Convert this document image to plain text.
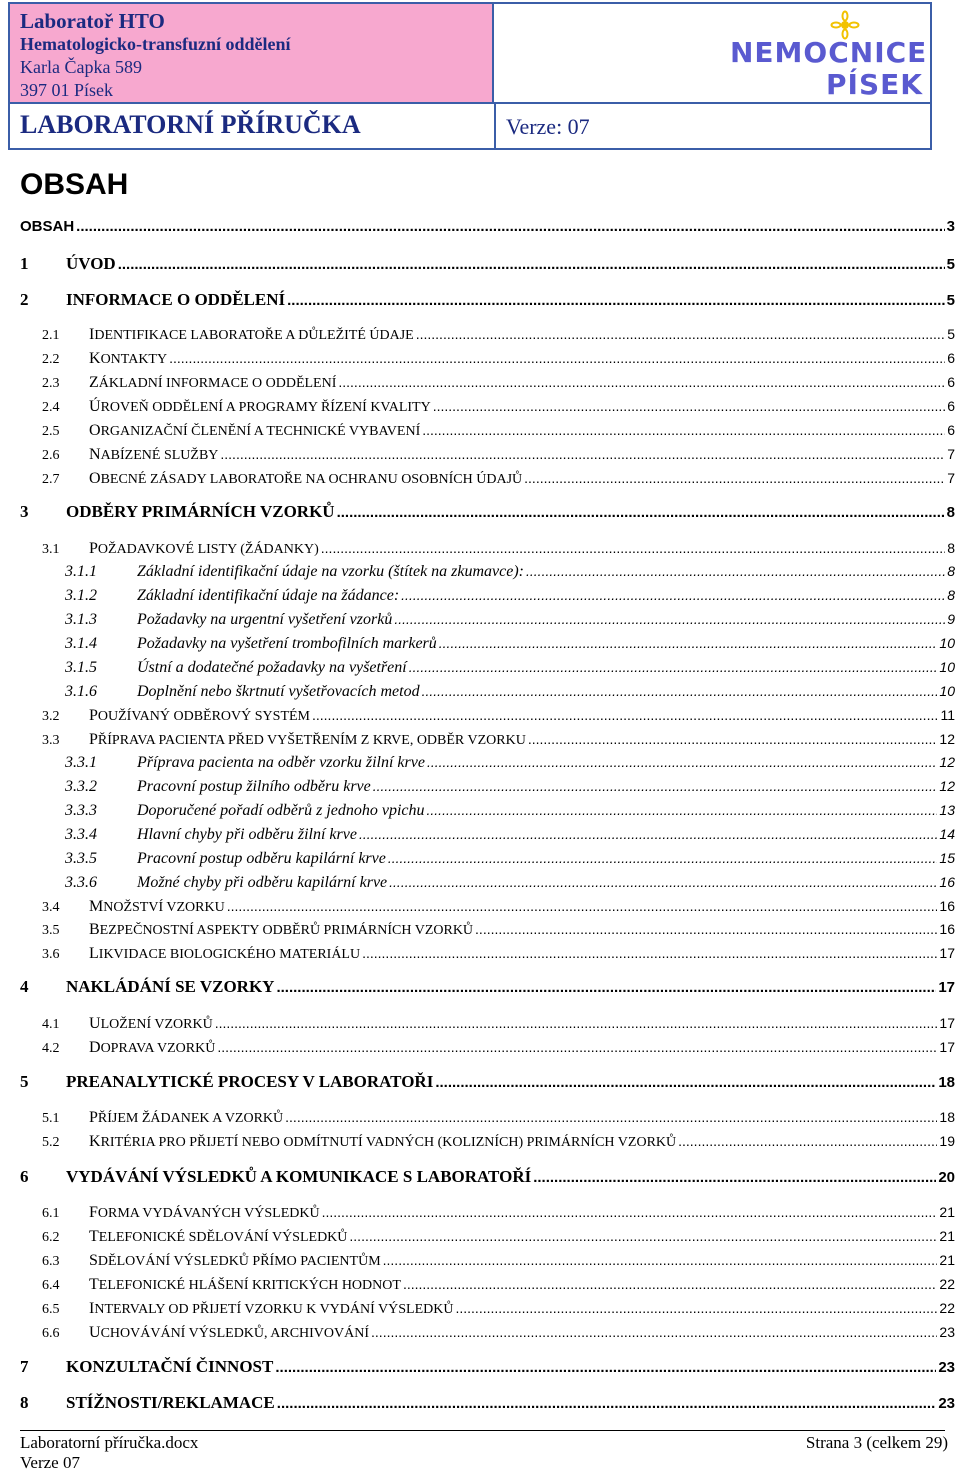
Laboratoř HTO
Hematologicko-transfuzní oddělení
Karla Čapka 589
397 01 Písek
NEMOCNICE
PÍSEK
LABORATORNÍ PŘÍRUČKA	Verze: 07
OBSAH
OBSAH .....	3
1	ÚVOD .....	5
2	INFORMACE O ODDĚLENÍ .....	5
2.1	IDENTIFIKACE LABORATOŘE A DŮLEŽITÉ ÚDAJE .....	5
2.2	KONTAKTY .....	6
2.3	ZÁKLADNÍ INFORMACE O ODDĚLENÍ .....	6
2.4	ÚROVEŇ ODDĚLENÍ A PROGRAMY ŘÍZENÍ KVALITY .....	6
2.5	ORGANIZAČNÍ ČLENĚNÍ A TECHNICKÉ VYBAVENÍ .....	6
2.6	NABÍZENÉ SLUŽBY .....	7
2.7	OBECNÉ ZÁSADY LABORATOŘE NA OCHRANU OSOBNÍCH ÚDAJŮ .....	7
3	ODBĚRY PRIMÁRNÍCH VZORKŮ .....	8
3.1	POŽADAVKOVÉ LISTY (ŽÁDANKY) .....	8
3.1.1	Základní identifikační údaje na vzorku (štítek na zkumavce): .....	8
3.1.2	Základní identifikační údaje na žádance: .....	8
3.1.3	Požadavky na urgentní vyšetření vzorků .....	9
3.1.4	Požadavky na vyšetření trombofilních markerů .....	10
3.1.5	Ústní a dodatečné požadavky na vyšetření .....	10
3.1.6	Doplnění nebo škrtnutí vyšetřovacích metod .....	10
3.2	POUŽÍVANÝ ODBĚROVÝ SYSTÉM .....	11
3.3	PŘÍPRAVA PACIENTA PŘED VYŠETŘENÍM Z KRVE, ODBĚR VZORKU .....	12
3.3.1	Příprava pacienta na odběr vzorku žilní krve .....	12
3.3.2	Pracovní postup žilního odběru krve .....	12
3.3.3	Doporučené pořadí odběrů z jednoho vpichu .....	13
3.3.4	Hlavní chyby při odběru žilní krve .....	14
3.3.5	Pracovní postup odběru kapilární krve .....	15
3.3.6	Možné chyby při odběru kapilární krve .....	16
3.4	MNOŽSTVÍ VZORKU .....	16
3.5	BEZPEČNOSTNÍ ASPEKTY ODBĚRŮ PRIMÁRNÍCH VZORKŮ .....	16
3.6	LIKVIDACE BIOLOGICKÉHO MATERIÁLU .....	17
4	NAKLÁDÁNÍ SE VZORKY .....	17
4.1	ULOŽENÍ VZORKŮ .....	17
4.2	DOPRAVA VZORKŮ .....	17
5	PREANALYTICKÉ PROCESY V LABORATOŘI .....	18
5.1	PŘÍJEM ŽÁDANEK A VZORKŮ .....	18
5.2	KRITÉRIA PRO PŘIJETÍ NEBO ODMÍTNUTÍ VADNÝCH (KOLIZNÍCH) PRIMÁRNÍCH VZORKŮ .....	19
6	VYDÁVÁNÍ VÝSLEDKŮ A KOMUNIKACE S LABORATOŘÍ .....	20
6.1	FORMA VYDÁVANÝCH VÝSLEDKŮ .....	21
6.2	TELEFONICKÉ SDĚLOVÁNÍ VÝSLEDKŮ .....	21
6.3	SDĚLOVÁNÍ VÝSLEDKŮ PŘÍMO PACIENTŮM .....	21
6.4	TELEFONICKÉ HLÁŠENÍ KRITICKÝCH HODNOT .....	22
6.5	INTERVALY OD PŘIJETÍ VZORKU K VYDÁNÍ VÝSLEDKŮ .....	22
6.6	UCHOVÁVÁNÍ VÝSLEDKŮ, ARCHIVOVÁNÍ .....	23
7	KONZULTAČNÍ ČINNOST .....	23
8	STÍŽNOSTI/REKLAMACE .....	23
Laboratorní příručka.docx
Verze 07
Strana 3 (celkem 29)
